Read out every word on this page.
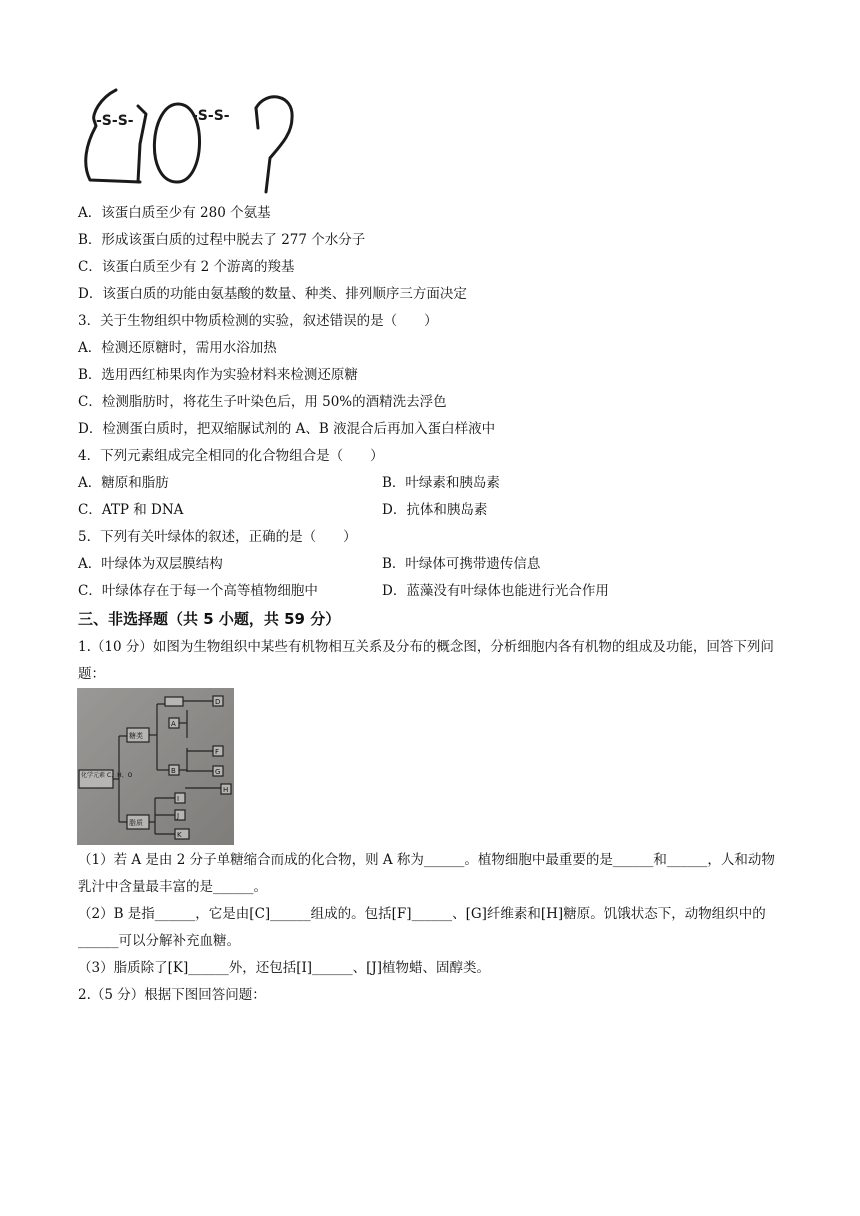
-S-S-	-S-S-
A．该蛋白质至少有 280 个氨基
B．形成该蛋白质的过程中脱去了 277 个水分子
C．该蛋白质至少有 2 个游离的羧基
D．该蛋白质的功能由氨基酸的数量、种类、排列顺序三方面决定
3．关于生物组织中物质检测的实验，叙述错误的是（　　）
A．检测还原糖时，需用水浴加热
B．选用西红柿果肉作为实验材料来检测还原糖
C．检测脂肪时，将花生子叶染色后，用 50%的酒精洗去浮色
D．检测蛋白质时，把双缩脲试剂的 A、B 液混合后再加入蛋白样液中
4．下列元素组成完全相同的化合物组合是（　　）
A．糖原和脂肪	B．叶绿素和胰岛素
C．ATP 和 DNA	D．抗体和胰岛素
5．下列有关叶绿体的叙述，正确的是（　　）
A．叶绿体为双层膜结构	B．叶绿体可携带遗传信息
C．叶绿体存在于每一个高等植物细胞中	D．蓝藻没有叶绿体也能进行光合作用
三、非选择题（共 5 小题，共 59 分）
1.（10 分）如图为生物组织中某些有机物相互关系及分布的概念图，分析细胞内各有机物的组成及功能，回答下列问题：
化学元素 C、H、O
糖类
脂质
A
B
D
F
G
H
I
J
K
（1）若 A 是由 2 分子单糖缩合而成的化合物，则 A 称为______。植物细胞中最重要的是______和______，人和动物乳汁中含量最丰富的是______。
（2）B 是指______，它是由[C]______组成的。包括[F]______、[G]纤维素和[H]糖原。饥饿状态下，动物组织中的______可以分解补充血糖。
（3）脂质除了[K]______外，还包括[I]______、[J]植物蜡、固醇类。
2.（5 分）根据下图回答问题：
